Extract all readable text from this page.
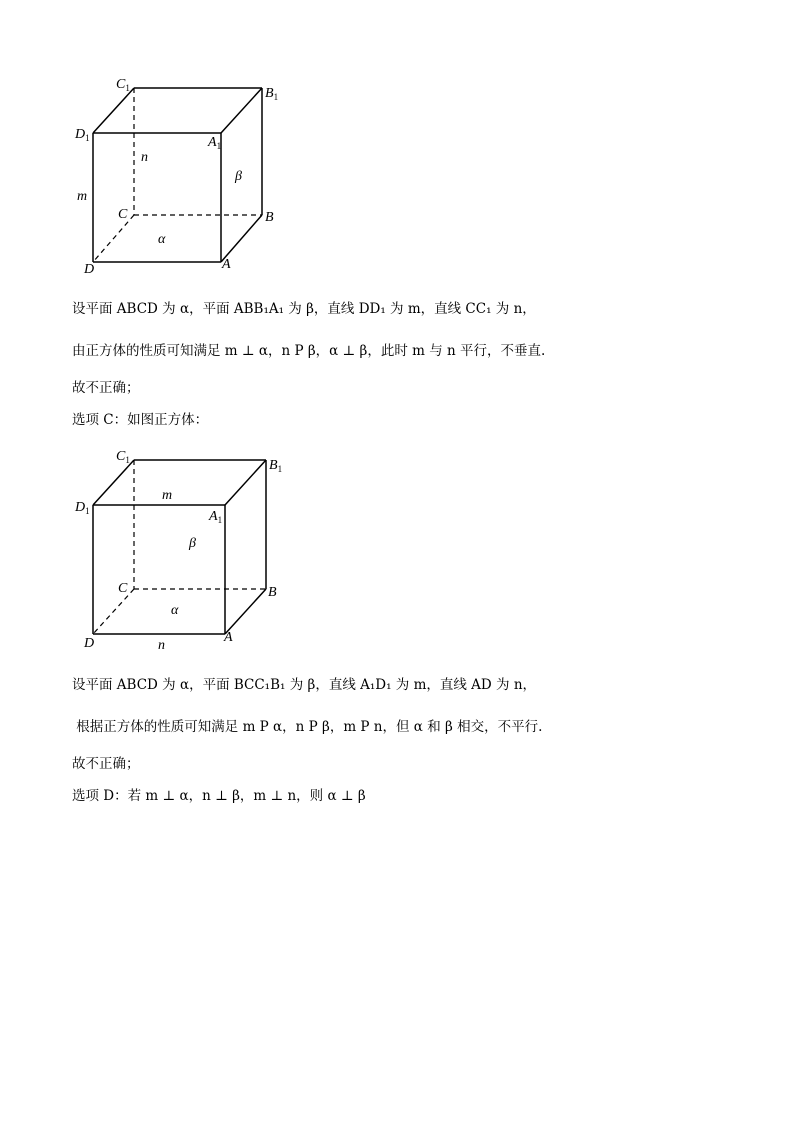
$C_1$	$B_1$
$D_1$	$A_1$
C	B
D	A
m
n
β
α
设平面 ABCD 为 α，平面 ABB₁A₁ 为 β，直线 DD₁ 为 m，直线 CC₁ 为 n，
由正方体的性质可知满足 m ⊥ α，n P β，α ⊥ β，此时 m 与 n 平行，不垂直.
故不正确；
选项 C：如图正方体：
$C_1$	$B_1$
$D_1$	$A_1$
C	B
D	A
m
n
β
α
设平面 ABCD 为 α，平面 BCC₁B₁ 为 β，直线 A₁D₁ 为 m，直线 AD 为 n，
根据正方体的性质可知满足 m P α，n P β，m P n，但 α 和 β 相交，不平行.
故不正确；
选项 D：若 m ⊥ α，n ⊥ β，m ⊥ n，则 α ⊥ β
